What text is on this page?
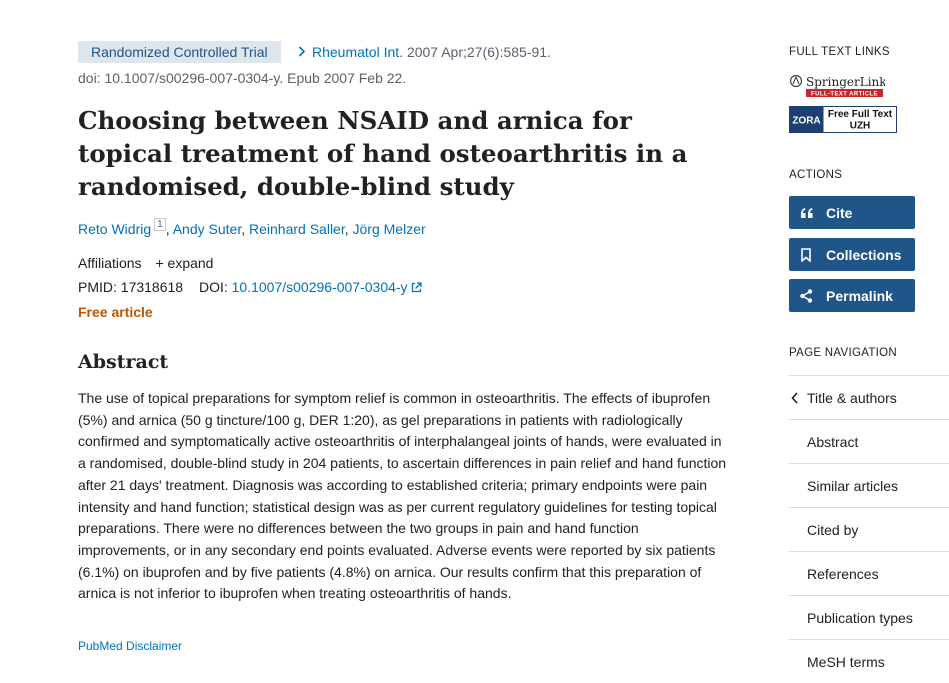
Randomized Controlled Trial	Rheumatol Int. 2007 Apr;27(6):585-91.
doi: 10.1007/s00296-007-0304-y. Epub 2007 Feb 22.
Choosing between NSAID and arnica for topical treatment of hand osteoarthritis in a randomised, double-blind study
Reto Widrig $^1$ , Andy Suter, Reinhard Saller, Jörg Melzer
Affiliations + expand
PMID: 17318618 DOI: 10.1007/s00296-007-0304-y
Free article
Abstract

The use of topical preparations for symptom relief is common in osteoarthritis. The effects of ibuprofen (5%) and arnica (50 g tincture/100 g, DER 1:20), as gel preparations in patients with radiologically confirmed and symptomatically active osteoarthritis of interphalangeal joints of hands, were evaluated in a randomised, double-blind study in 204 patients, to ascertain differences in pain relief and hand function after 21 days' treatment. Diagnosis was according to established criteria; primary endpoints were pain intensity and hand function; statistical design was as per current regulatory guidelines for testing topical preparations. There were no differences between the two groups in pain and hand function improvements, or in any secondary end points evaluated. Adverse events were reported by six patients (6.1%) on ibuprofen and by five patients (4.8%) on arnica. Our results confirm that this preparation of arnica is not inferior to ibuprofen when treating osteoarthritis of hands.

PubMed Disclaimer
FULL TEXT LINKS
SpringerLink
FULL-TEXT ARTICLE
ZORA
Free Full Text
UZH
ACTIONS
Cite
Collections
Permalink
PAGE NAVIGATION
Title & authors
Abstract
Similar articles
Cited by
References
Publication types
MeSH terms
